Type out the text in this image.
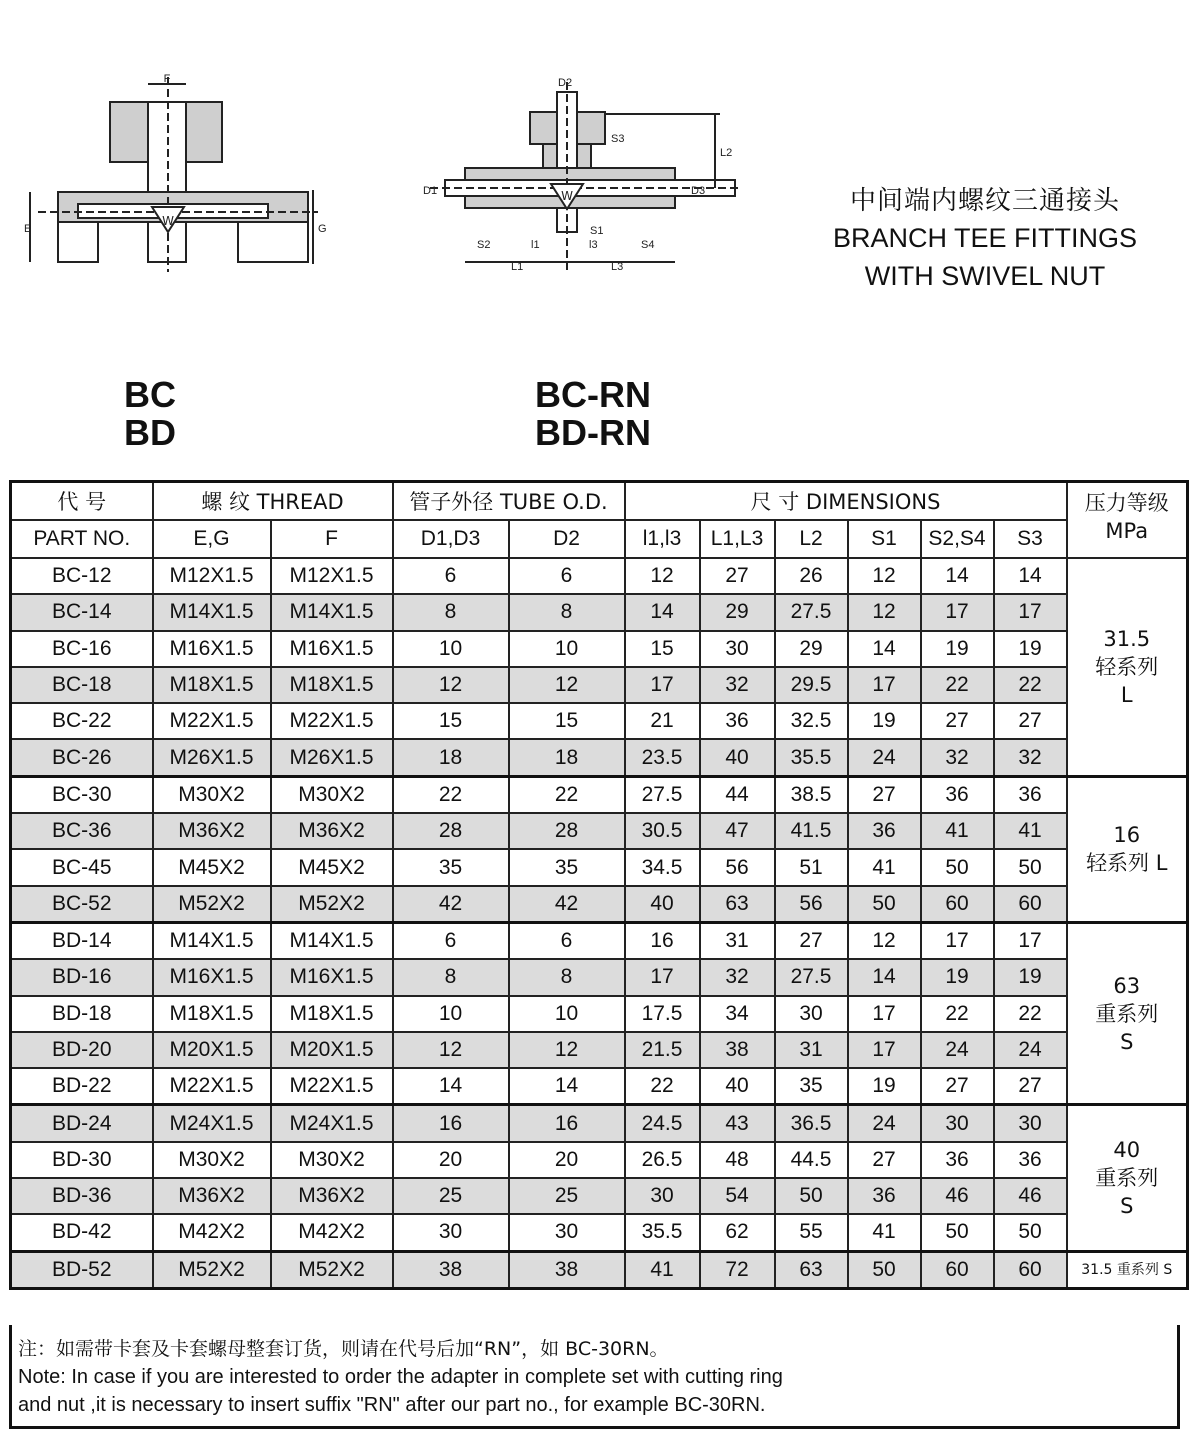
W
F
E	G
W
D2
S3
L2
D1	D3
S2	l1
S1
l3	S4
L1	L3
中间端内螺纹三通接头
BRANCH TEE FITTINGS
WITH SWIVEL NUT
BC
BD
BC-RN
BD-RN
代 号	螺 纹 THREAD		管子外径 TUBE O.D.		尺 寸 DIMENSIONS						压力等级
MPa

PART NO.	E,G	F	D1,D3	D2	l1,l3	L1,L3	L2	S1	S2,S4	S3	
BC-12	M12X1.5	M12X1.5	6	6	12	27	26	12	14	14	31.5
轻系列
L

BC-14	M14X1.5	M14X1.5	8	8	14	29	27.5	12	17	17	
BC-16	M16X1.5	M16X1.5	10	10	15	30	29	14	19	19	
BC-18	M18X1.5	M18X1.5	12	12	17	32	29.5	17	22	22	
BC-22	M22X1.5	M22X1.5	15	15	21	36	32.5	19	27	27	
BC-26	M26X1.5	M26X1.5	18	18	23.5	40	35.5	24	32	32	
BC-30	M30X2	M30X2	22	22	27.5	44	38.5	27	36	36	16
轻系列 L

BC-36	M36X2	M36X2	28	28	30.5	47	41.5	36	41	41	
BC-45	M45X2	M45X2	35	35	34.5	56	51	41	50	50	
BC-52	M52X2	M52X2	42	42	40	63	56	50	60	60	
BD-14	M14X1.5	M14X1.5	6	6	16	31	27	12	17	17	63
重系列
S

BD-16	M16X1.5	M16X1.5	8	8	17	32	27.5	14	19	19	
BD-18	M18X1.5	M18X1.5	10	10	17.5	34	30	17	22	22	
BD-20	M20X1.5	M20X1.5	12	12	21.5	38	31	17	24	24	
BD-22	M22X1.5	M22X1.5	14	14	22	40	35	19	27	27	
BD-24	M24X1.5	M24X1.5	16	16	24.5	43	36.5	24	30	30	40
重系列
S

BD-30	M30X2	M30X2	20	20	26.5	48	44.5	27	36	36	
BD-36	M36X2	M36X2	25	25	30	54	50	36	46	46	
BD-42	M42X2	M42X2	30	30	35.5	62	55	41	50	50	
BD-52	M52X2	M52X2	38	38	41	72	63	50	60	60	31.5 重系列 S
注：如需带卡套及卡套螺母整套订货，则请在代号后加“RN”，如 BC-30RN。
Note: In case if you are interested to order the adapter in complete set with cutting ring
and nut ,it is necessary to insert suffix "RN" after our part no., for example BC-30RN.
